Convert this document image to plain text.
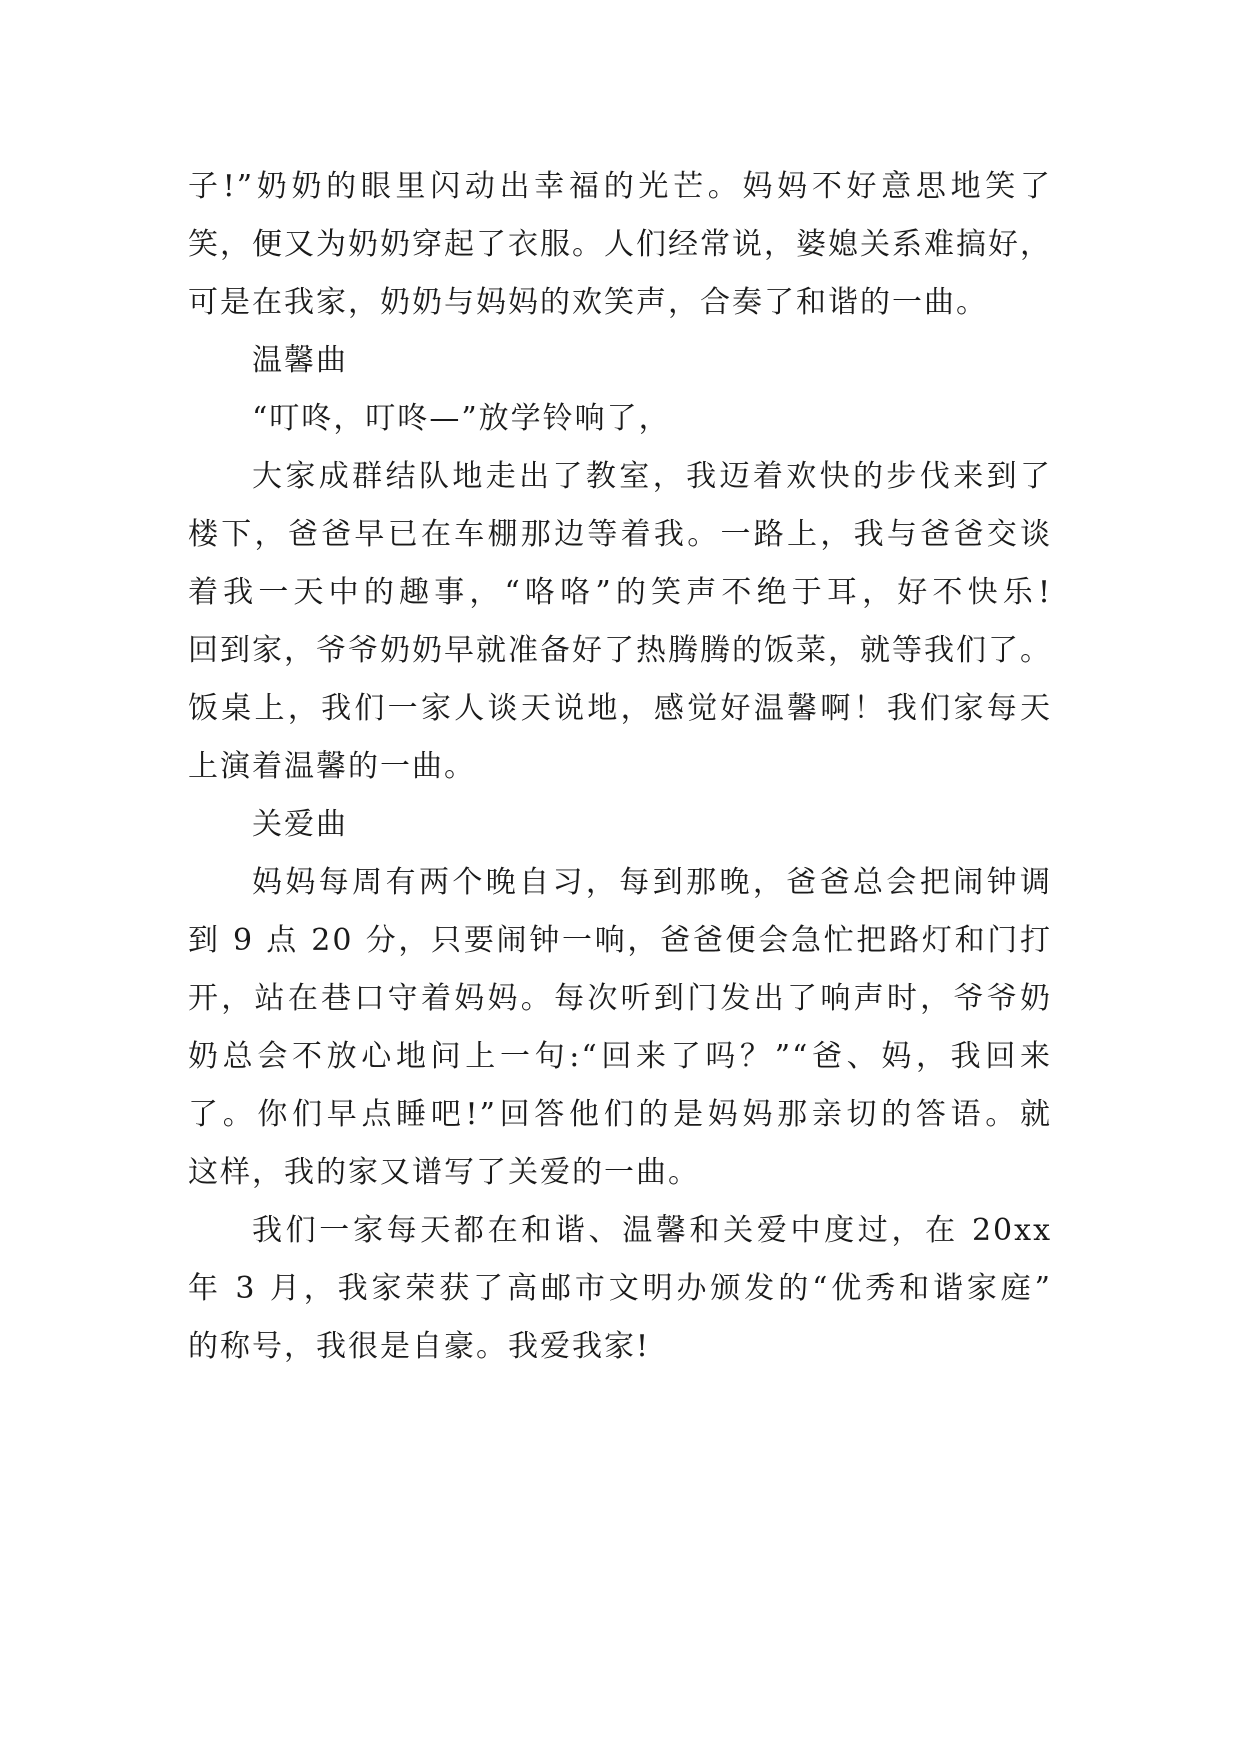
子!”奶奶的眼里闪动出幸福的光芒。妈妈不好意思地笑了
笑，便又为奶奶穿起了衣服。人们经常说，婆媳关系难搞好，
可是在我家，奶奶与妈妈的欢笑声，合奏了和谐的一曲。
温馨曲
“叮咚，叮咚—”放学铃响了，
大家成群结队地走出了教室，我迈着欢快的步伐来到了
楼下，爸爸早已在车棚那边等着我。一路上，我与爸爸交谈
着我一天中的趣事，“咯咯”的笑声不绝于耳，好不快乐!
回到家，爷爷奶奶早就准备好了热腾腾的饭菜，就等我们了。
饭桌上，我们一家人谈天说地，感觉好温馨啊！我们家每天
上演着温馨的一曲。
关爱曲
妈妈每周有两个晚自习，每到那晚，爸爸总会把闹钟调
到 9 点 20 分，只要闹钟一响，爸爸便会急忙把路灯和门打
开，站在巷口守着妈妈。每次听到门发出了响声时，爷爷奶
奶总会不放心地问上一句:“回来了吗？”“爸、妈，我回来
了。你们早点睡吧!”回答他们的是妈妈那亲切的答语。就
这样，我的家又谱写了关爱的一曲。
我们一家每天都在和谐、温馨和关爱中度过，在 20xx
年 3 月，我家荣获了高邮市文明办颁发的“优秀和谐家庭”
的称号，我很是自豪。我爱我家!
